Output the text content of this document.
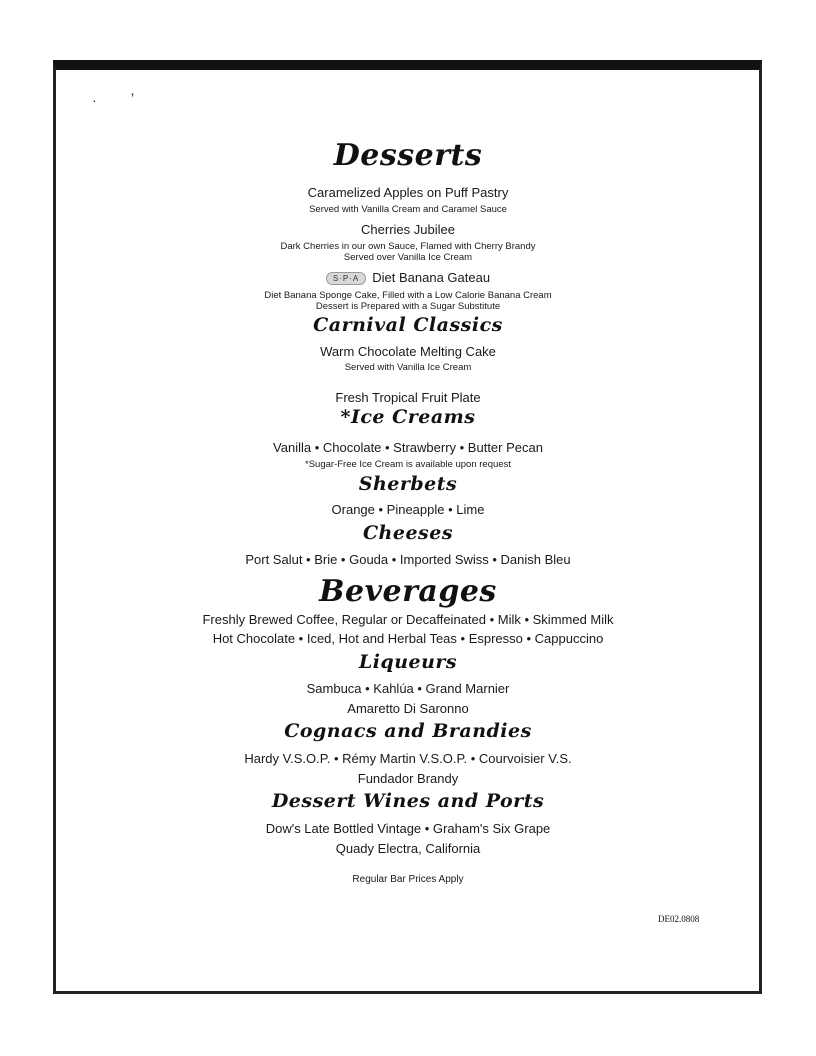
· ’
Desserts

Caramelized Apples on Puff Pastry

Served with Vanilla Cream and Caramel Sauce

Cherries Jubilee

Dark Cherries in our own Sauce, Flamed with Cherry Brandy

Served over Vanilla Ice Cream

S·P·A Diet Banana Gateau

Diet Banana Sponge Cake, Filled with a Low Calorie Banana Cream

Dessert is Prepared with a Sugar Substitute

Carnival Classics

Warm Chocolate Melting Cake

Served with Vanilla Ice Cream

Fresh Tropical Fruit Plate

*Ice Creams

Vanilla • Chocolate • Strawberry • Butter Pecan

*Sugar-Free Ice Cream is available upon request

Sherbets

Orange • Pineapple • Lime

Cheeses

Port Salut • Brie • Gouda • Imported Swiss • Danish Bleu

Beverages

Freshly Brewed Coffee, Regular or Decaffeinated • Milk • Skimmed Milk

Hot Chocolate • Iced, Hot and Herbal Teas • Espresso • Cappuccino

Liqueurs

Sambuca • Kahlúa • Grand Marnier

Amaretto Di Saronno

Cognacs and Brandies

Hardy V.S.O.P. • Rémy Martin V.S.O.P. • Courvoisier V.S.

Fundador Brandy

Dessert Wines and Ports

Dow's Late Bottled Vintage • Graham's Six Grape

Quady Electra, California

Regular Bar Prices Apply

DE02.0808
